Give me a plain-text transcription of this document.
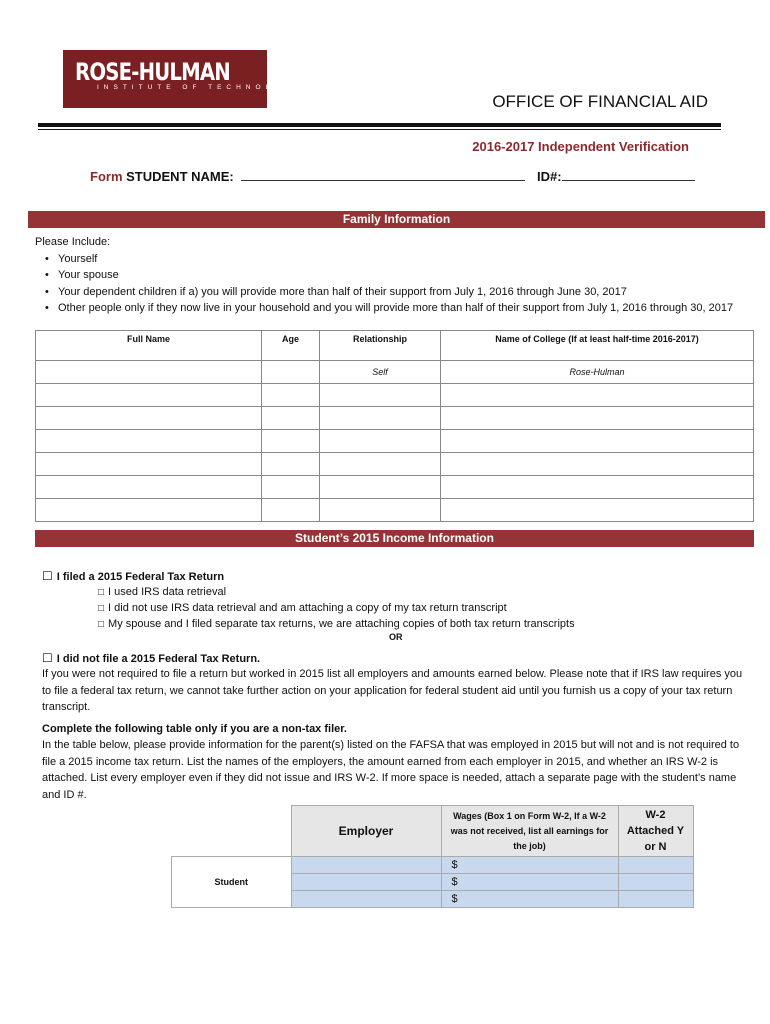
ROSE-HULMAN
INSTITUTE OF TECHNOLOGY
OFFICE OF FINANCIAL AID
2016-2017 Independent Verification
Form STUDENT NAME:	ID#:
Family Information
Please Include:
• Yourself
• Your spouse
• Your dependent children if a) you will provide more than half of their support from July 1, 2016 through June 30, 2017
• Other people only if they now live in your household and you will provide more than half of their support from July 1, 2016 through 30, 2017
Full Name	Age	Relationship	Name of College (If at least half-time 2016-2017)
		Self	Rose-Hulman

Student’s 2015 Income Information
☐ I filed a 2015 Federal Tax Return
□ I used IRS data retrieval
□ I did not use IRS data retrieval and am attaching a copy of my tax return transcript
□ My spouse and I filed separate tax returns, we are attaching copies of both tax return transcripts
OR
☐ I did not file a 2015 Federal Tax Return.
If you were not required to file a return but worked in 2015 list all employers and amounts earned below. Please note that if IRS law requires you to file a federal tax return, we cannot take further action on your application for federal student aid until you furnish us a copy of your tax return transcript.
Complete the following table only if you are a non-tax filer.
In the table below, please provide information for the parent(s) listed on the FAFSA that was employed in 2015 but will not and is not required to file a 2015 income tax return. List the names of the employers, the amount earned from each employer in 2015, and whether an IRS W-2 is attached. List every employer even if they did not issue and IRS W-2. If more space is needed, attach a separate page with the student’s name and ID #.
	Employer	Wages (Box 1 on Form W-2, If a W-2 was not received, list all earnings for the job)	W-2 Attached Y or N
Student		$	
		$	
		$	
